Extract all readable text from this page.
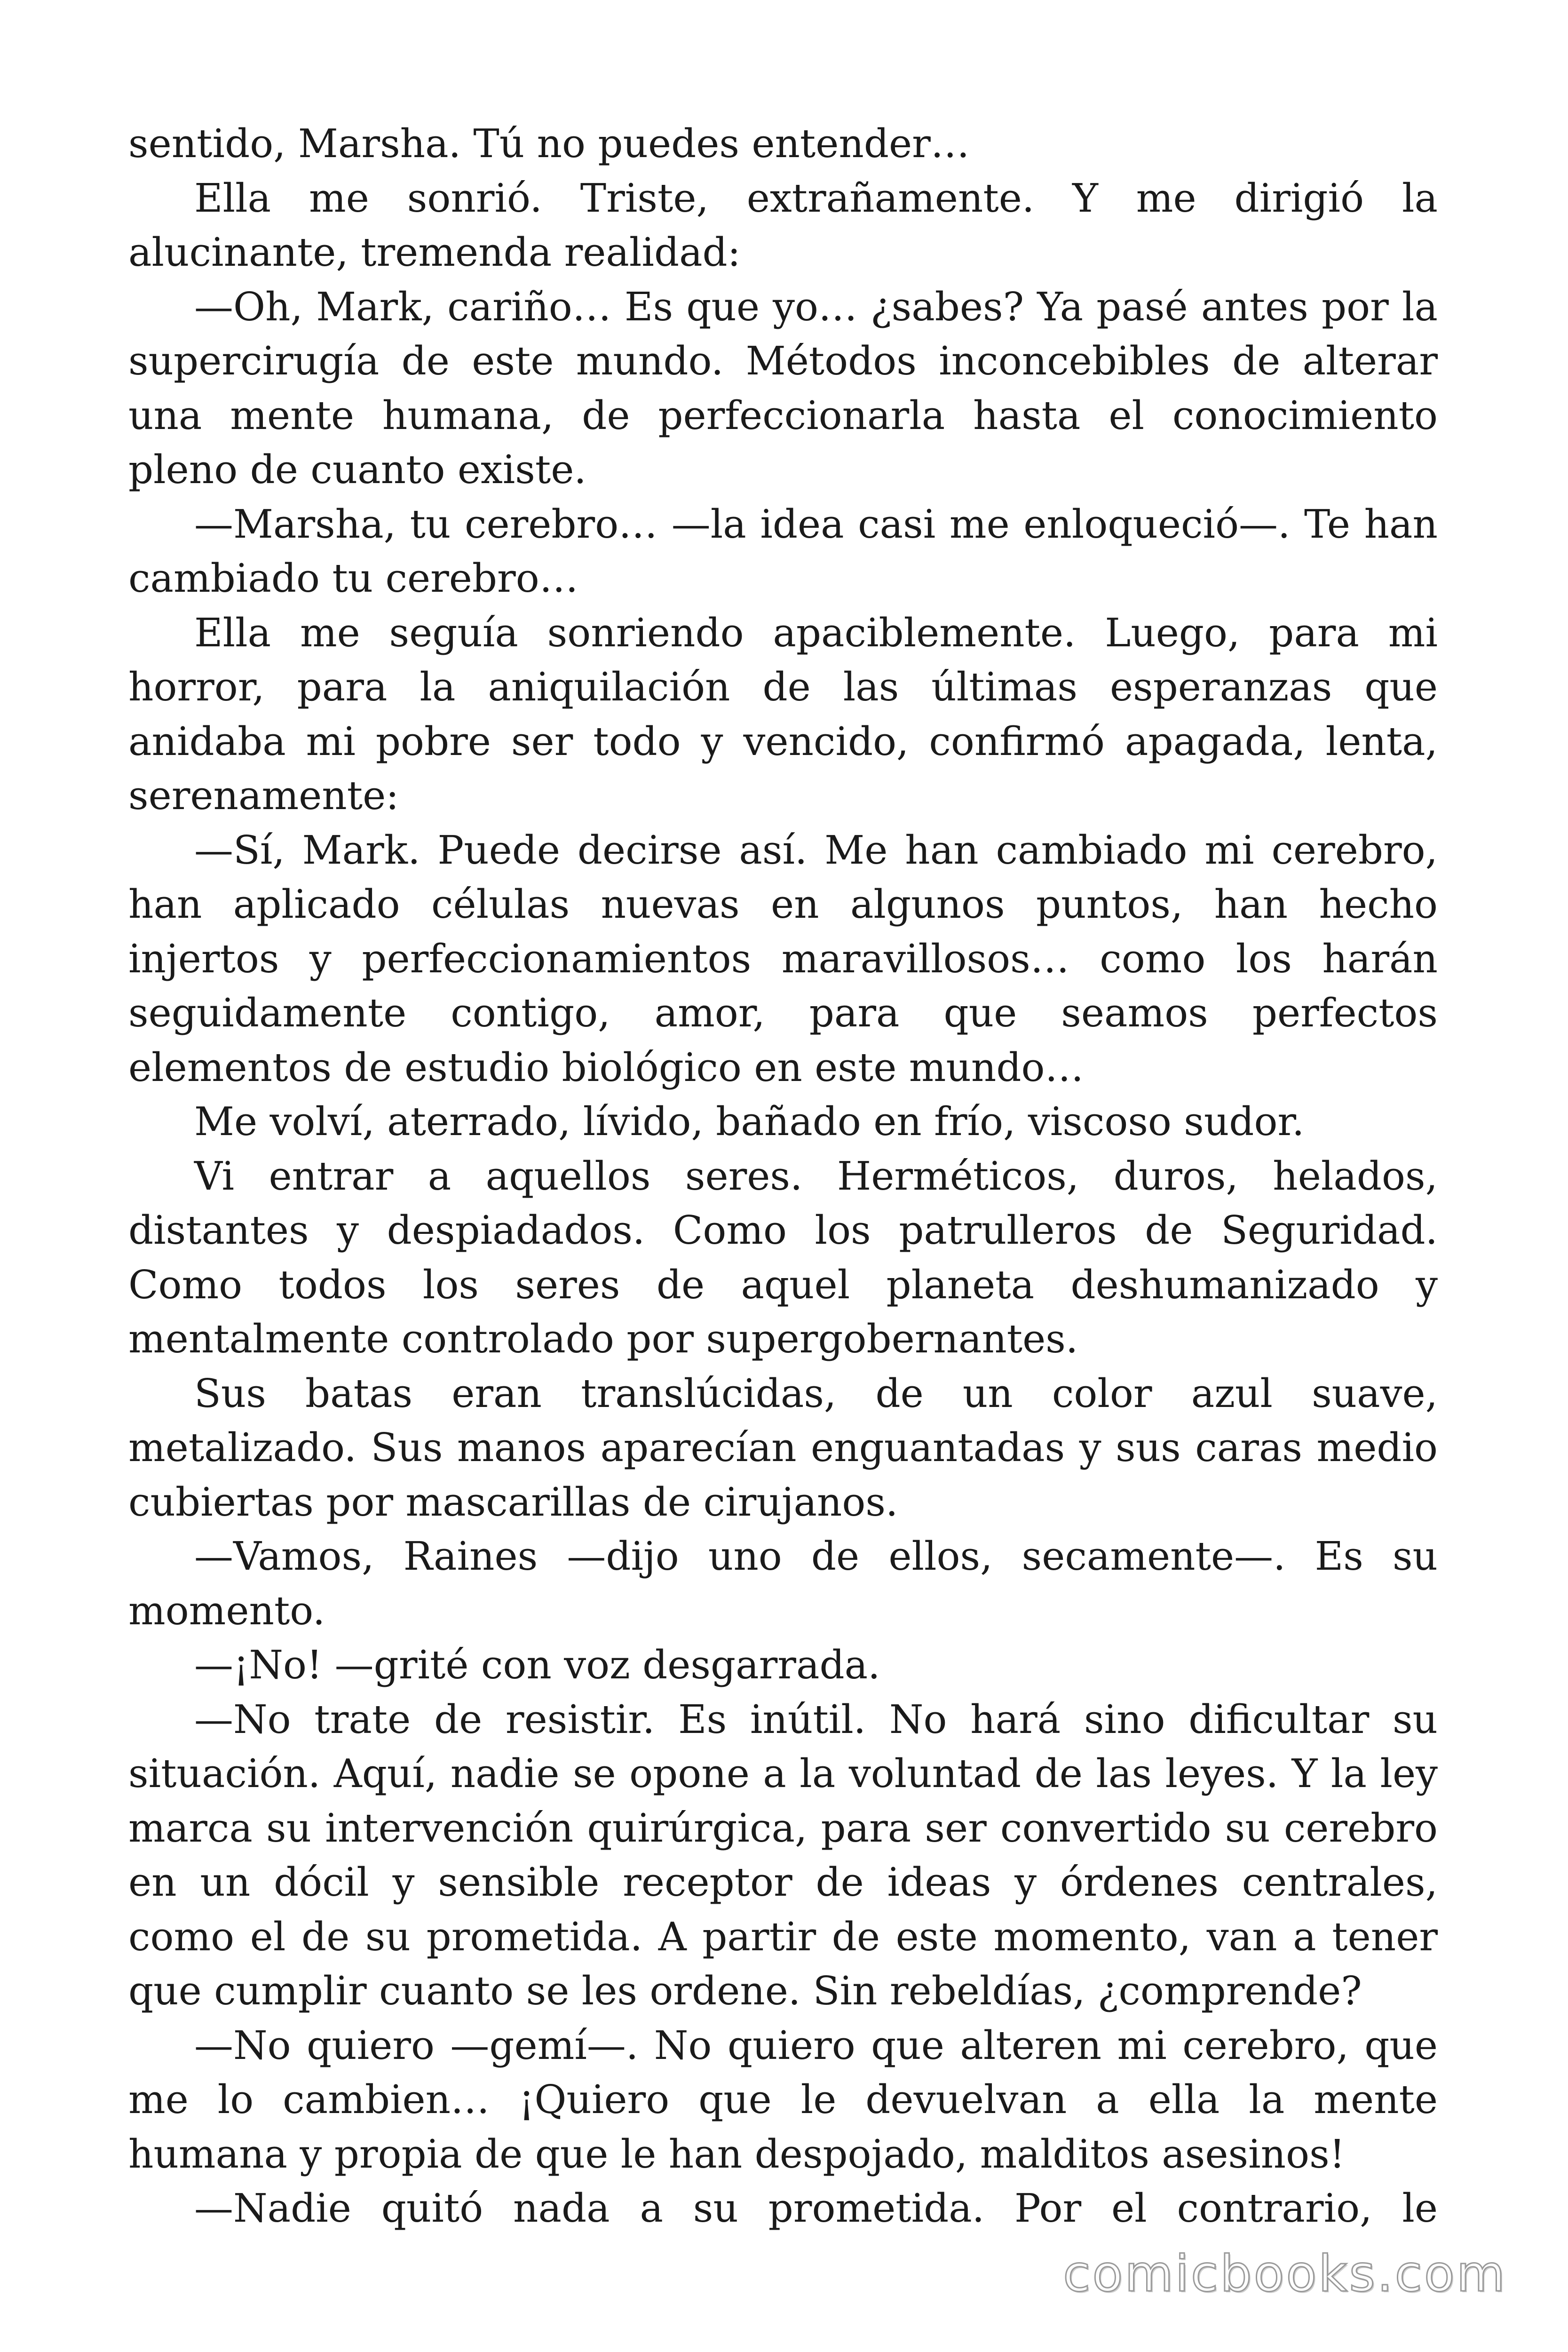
sentido, Marsha. Tú no puedes entender…

Ella me sonrió. Triste, extrañamente. Y me dirigió la alucinante, tremenda realidad:

—Oh, Mark, cariño… Es que yo… ¿sabes? Ya pasé antes por la supercirugía de este mundo. Métodos inconcebibles de alterar una mente humana, de perfeccionarla hasta el conocimiento pleno de cuanto existe.

—Marsha, tu cerebro… —la idea casi me enloqueció—. Te han cambiado tu cerebro…

Ella me seguía sonriendo apaciblemente. Luego, para mi horror, para la aniquilación de las últimas esperanzas que anidaba mi pobre ser todo y vencido, confirmó apagada, lenta, serenamente:

—Sí, Mark. Puede decirse así. Me han cambiado mi cerebro, han aplicado células nuevas en algunos puntos, han hecho injertos y perfeccionamientos maravillosos… como los harán seguidamente contigo, amor, para que seamos perfectos elementos de estudio biológico en este mundo…

Me volví, aterrado, lívido, bañado en frío, viscoso sudor.

Vi entrar a aquellos seres. Herméticos, duros, helados, distantes y despiadados. Como los patrulleros de Seguridad. Como todos los seres de aquel planeta deshumanizado y mentalmente controlado por supergobernantes.

Sus batas eran translúcidas, de un color azul suave, metalizado. Sus manos aparecían enguantadas y sus caras medio cubiertas por mascarillas de cirujanos.

—Vamos, Raines —dijo uno de ellos, secamente—. Es su momento.

—¡No! —grité con voz desgarrada.

—No trate de resistir. Es inútil. No hará sino dificultar su situación. Aquí, nadie se opone a la voluntad de las leyes. Y la ley marca su intervención quirúrgica, para ser convertido su cerebro en un dócil y sensible receptor de ideas y órdenes centrales, como el de su prometida. A partir de este momento, van a tener que cumplir cuanto se les ordene. Sin rebeldías, ¿comprende?

—No quiero —gemí—. No quiero que alteren mi cerebro, que me lo cambien… ¡Quiero que le devuelvan a ella la mente humana y propia de que le han despojado, malditos asesinos!

—Nadie quitó nada a su prometida. Por el contrario, le

comicbooks.com
